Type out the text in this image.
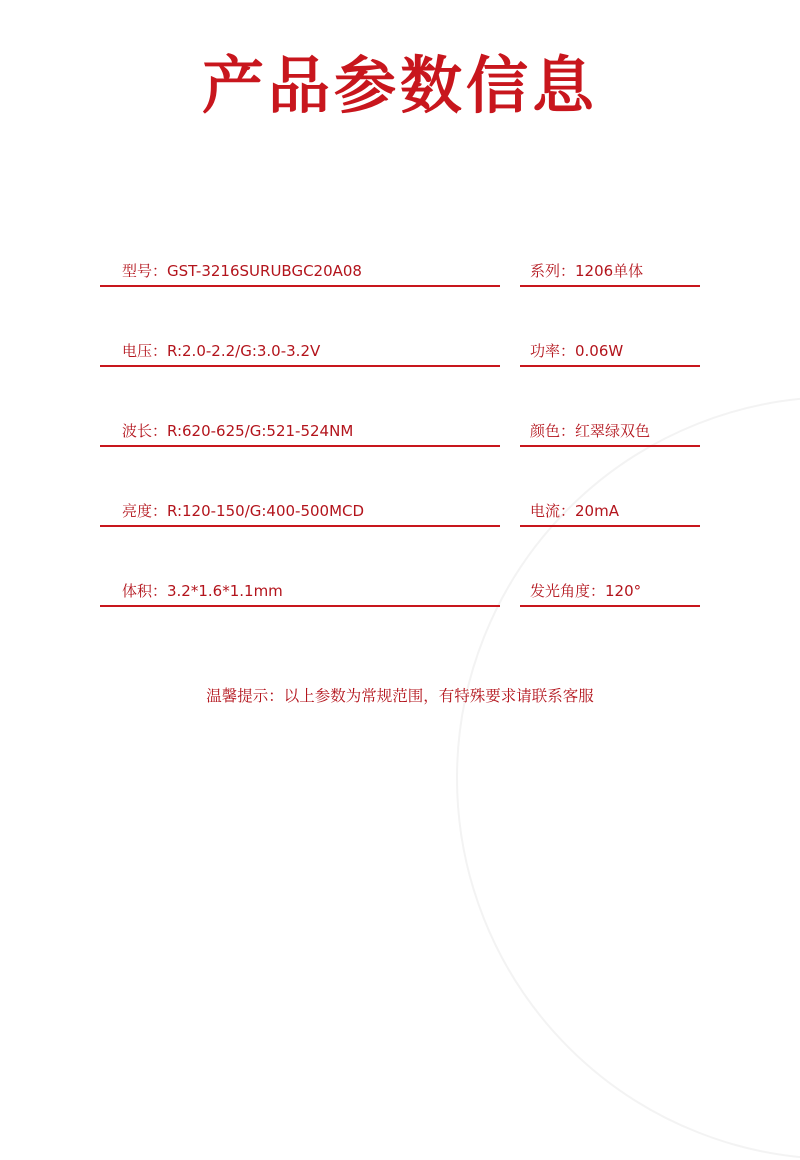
产品参数信息
型号：GST-3216SURUBGC20A08	系列：1206单体
电压：R:2.0-2.2/G:3.0-3.2V	功率：0.06W
波长：R:620-625/G:521-524NM	颜色：红翠绿双色
亮度：R:120-150/G:400-500MCD	电流：20mA
体积：3.2*1.6*1.1mm	发光角度：120°
温馨提示：以上参数为常规范围，有特殊要求请联系客服
